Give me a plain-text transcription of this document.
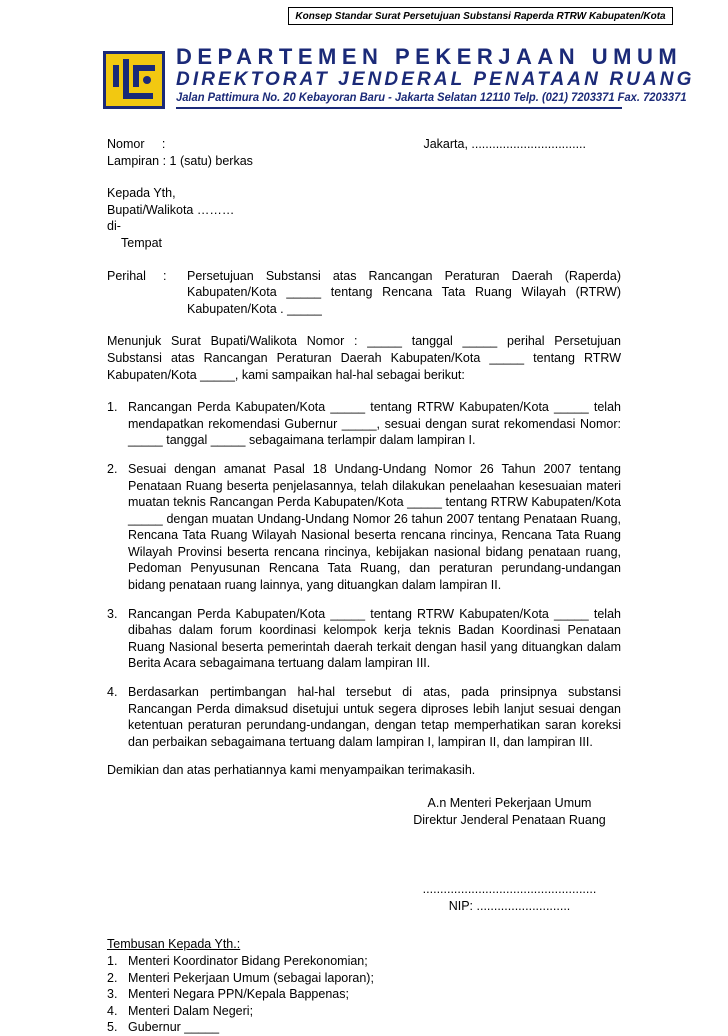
Konsep Standar Surat Persetujuan Substansi Raperda RTRW Kabupaten/Kota
DEPARTEMEN PEKERJAAN UMUM
DIREKTORAT JENDERAL PENATAAN RUANG
Jalan Pattimura No. 20 Kebayoran Baru - Jakarta Selatan 12110 Telp. (021) 7203371 Fax. 7203371
Nomor     :	Jakarta, .................................

Lampiran : 1 (satu) berkas

Kepada Yth,

Bupati/Walikota ………

di-

Tempat

Perihal	:	Persetujuan Substansi atas Rancangan Peraturan Daerah (Raperda) Kabupaten/Kota _____ tentang Rencana Tata Ruang Wilayah (RTRW) Kabupaten/Kota . _____

Menunjuk Surat Bupati/Walikota Nomor : _____ tanggal _____ perihal Persetujuan Substansi atas Rancangan Peraturan Daerah Kabupaten/Kota _____ tentang RTRW Kabupaten/Kota _____, kami sampaikan hal-hal sebagai berikut:

1. Rancangan Perda Kabupaten/Kota _____ tentang RTRW Kabupaten/Kota _____ telah mendapatkan rekomendasi Gubernur _____, sesuai dengan surat rekomendasi Nomor: _____ tanggal _____ sebagaimana terlampir dalam lampiran I.
2. Sesuai dengan amanat Pasal 18 Undang-Undang Nomor 26 Tahun 2007 tentang Penataan Ruang beserta penjelasannya, telah dilakukan penelaahan kesesuaian materi muatan teknis Rancangan Perda Kabupaten/Kota _____ tentang RTRW Kabupaten/Kota _____ dengan muatan Undang-Undang Nomor 26 tahun 2007 tentang Penataan Ruang, Rencana Tata Ruang Wilayah Nasional beserta rencana rincinya, Rencana Tata Ruang Wilayah Provinsi beserta rencana rincinya, kebijakan nasional bidang penataan ruang, Pedoman Penyusunan Rencana Tata Ruang, dan peraturan perundang-undangan bidang penataan ruang lainnya, yang dituangkan dalam lampiran II.
3. Rancangan Perda Kabupaten/Kota _____ tentang RTRW Kabupaten/Kota _____ telah dibahas dalam forum koordinasi kelompok kerja teknis Badan Koordinasi Penataan Ruang Nasional beserta pemerintah daerah terkait dengan hasil yang dituangkan dalam Berita Acara sebagaimana tertuang dalam lampiran III.
4. Berdasarkan pertimbangan hal-hal tersebut di atas, pada prinsipnya substansi Rancangan Perda dimaksud disetujui untuk segera diproses lebih lanjut sesuai dengan ketentuan peraturan perundang-undangan, dengan tetap memperhatikan saran koreksi dan perbaikan sebagaimana tertuang dalam lampiran I, lampiran II, dan lampiran III.

Demikian dan atas perhatiannya kami menyampaikan terimakasih.

A.n Menteri Pekerjaan Umum

Direktur Jenderal Penataan Ruang

..................................................

NIP: ...........................

Tembusan Kepada Yth.:

1. Menteri Koordinator Bidang Perekonomian;

2. Menteri Pekerjaan Umum (sebagai laporan);

3. Menteri Negara PPN/Kepala Bappenas;

4. Menteri Dalam Negeri;

5. Gubernur _____
